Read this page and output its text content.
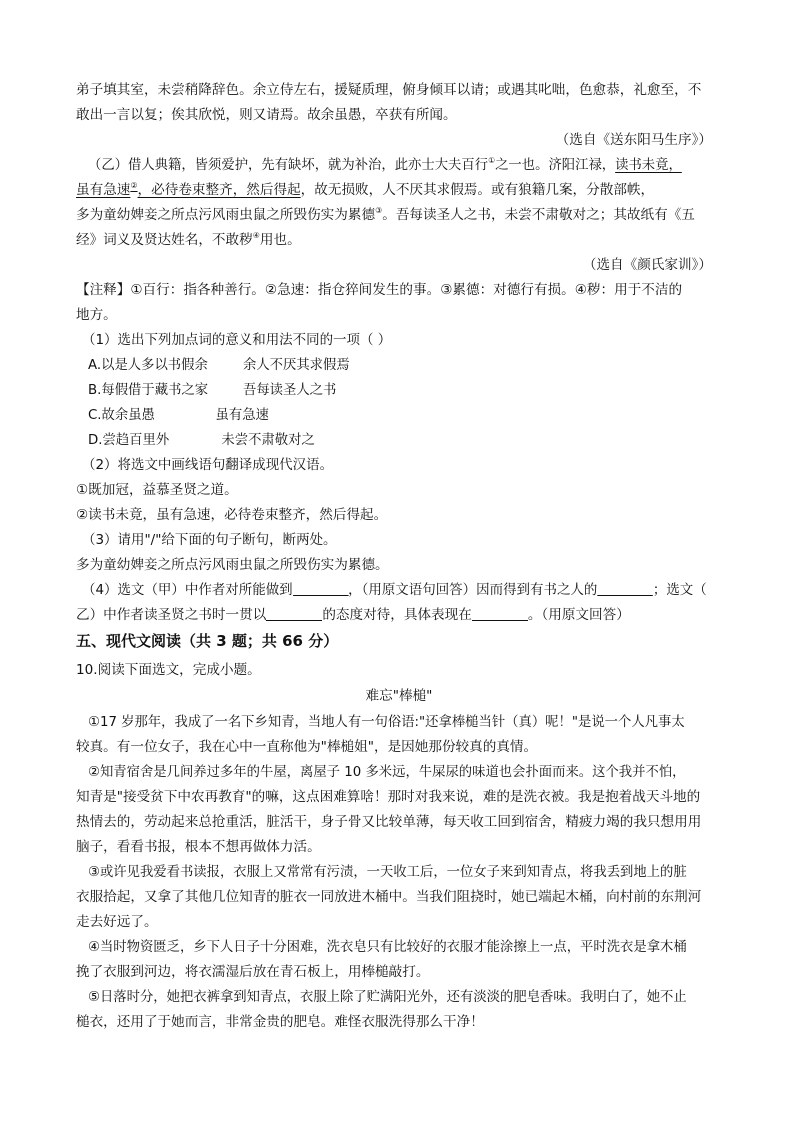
弟子填其室，未尝稍降辞色。余立侍左右，援疑质理，俯身倾耳以请；或遇其叱咄，色愈恭，礼愈至，不
敢出一言以复；俟其欣悦，则又请焉。故余虽愚，卒获有所闻。
（选自《送东阳马生序》）
（乙）借人典籍，皆须爱护，先有缺坏，就为补治，此亦士大夫百行①之一也。济阳江禄，读书未竟，
虽有急速②，必待卷束整齐，然后得起，故无损败，人不厌其求假焉。或有狼籍几案，分散部帙，
多为童幼婢妾之所点污风雨虫鼠之所毁伤实为累德③。吾每读圣人之书，未尝不肃敬对之；其故纸有《五
经》词义及贤达姓名，不敢秽④用也。
（选自《颜氏家训》）
【注释】①百行：指各种善行。②急速：指仓猝间发生的事。③累德：对德行有损。④秽：用于不洁的
地方。
（1）选出下列加点词的意义和用法不同的一项（ ）
A.以是人多以书假余	余人不厌其求假焉
B.每假借于藏书之家	吾每读圣人之书
C.故余虽愚	虽有急速
D.尝趋百里外	未尝不肃敬对之
（2）将选文中画线语句翻译成现代汉语。
①既加冠，益慕圣贤之道。
②读书未竟，虽有急速，必待卷束整齐，然后得起。
（3）请用"/"给下面的句子断句，断两处。
多为童幼婢妾之所点污风雨虫鼠之所毁伤实为累德。
（4）选文（甲）中作者对所能做到	，（用原文语句回答）因而得到有书之人的	；选文（
乙）中作者读圣贤之书时一贯以	的态度对待，具体表现在	。（用原文回答）
五、现代文阅读（共 3 题；共 66 分）
10.阅读下面选文，完成小题。
难忘"棒槌"
①17 岁那年，我成了一名下乡知青，当地人有一句俗语:"还拿棒槌当针（真）呢！"是说一个人凡事太
较真。有一位女子，我在心中一直称他为"棒槌姐"，是因她那份较真的真情。
②知青宿舍是几间养过多年的牛屋，离屋子 10 多米远，牛屎尿的味道也会扑面而来。这个我并不怕，
知青是"接受贫下中农再教育"的嘛，这点困难算啥！那时对我来说，难的是洗衣被。我是抱着战天斗地的
热情去的，劳动起来总抢重活，脏活干，身子骨又比较单薄，每天收工回到宿舍，精疲力竭的我只想用用
脑子，看看书报，根本不想再做体力活。
③或许见我爱看书读报，衣服上又常常有污渍，一天收工后，一位女子来到知青点，将我丢到地上的脏
衣服拾起，又拿了其他几位知青的脏衣一同放进木桶中。当我们阻挠时，她已端起木桶，向村前的东荆河
走去好远了。
④当时物资匮乏，乡下人日子十分困难，洗衣皂只有比较好的衣服才能涂擦上一点，平时洗衣是拿木桶
挽了衣服到河边，将衣濡湿后放在青石板上，用棒槌敲打。
⑤日落时分，她把衣裤拿到知青点，衣服上除了贮满阳光外，还有淡淡的肥皂香味。我明白了，她不止
槌衣，还用了于她而言，非常金贵的肥皂。难怪衣服洗得那么干净！
